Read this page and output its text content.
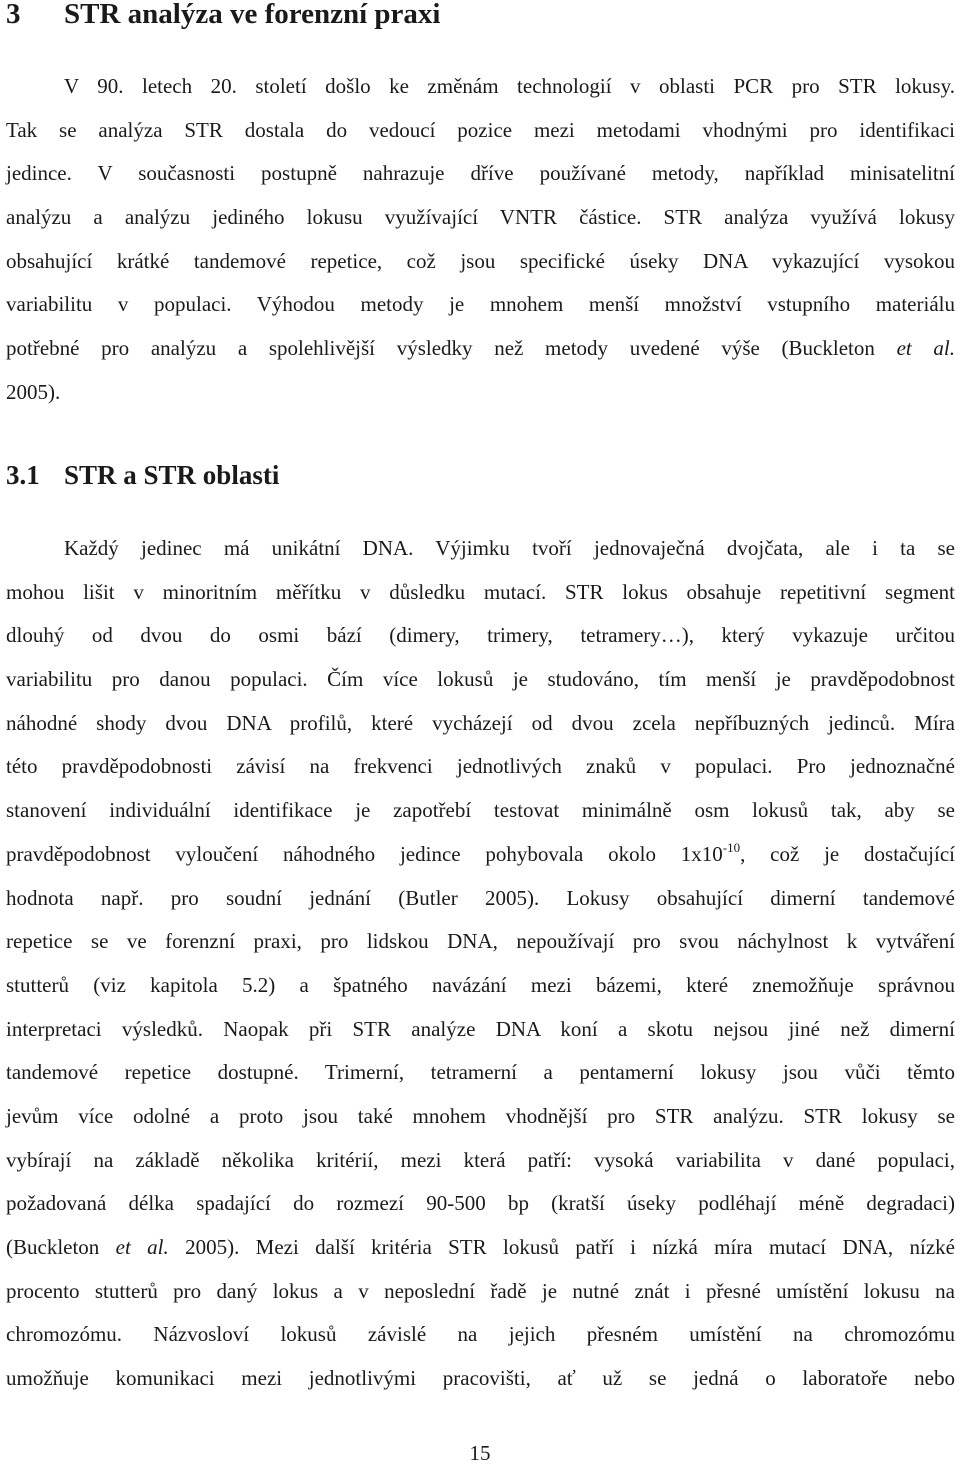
3 STR analýza ve forenzní praxi
V 90. letech 20. století došlo ke změnám technologií v oblasti PCR pro STR lokusy.
Tak se analýza STR dostala do vedoucí pozice mezi metodami vhodnými pro identifikaci
jedince. V současnosti postupně nahrazuje dříve používané metody, například minisatelitní
analýzu a analýzu jediného lokusu využívající VNTR částice. STR analýza využívá lokusy
obsahující krátké tandemové repetice, což jsou specifické úseky DNA vykazující vysokou
variabilitu v populaci. Výhodou metody je mnohem menší množství vstupního materiálu
potřebné pro analýzu a spolehlivější výsledky než metody uvedené výše (Buckleton et al.
2005).
3.1 STR a STR oblasti
Každý jedinec má unikátní DNA. Výjimku tvoří jednovaječná dvojčata, ale i ta se
mohou lišit v minoritním měřítku v důsledku mutací. STR lokus obsahuje repetitivní segment
dlouhý od dvou do osmi bází (dimery, trimery, tetramery…), který vykazuje určitou
variabilitu pro danou populaci. Čím více lokusů je studováno, tím menší je pravděpodobnost
náhodné shody dvou DNA profilů, které vycházejí od dvou zcela nepříbuzných jedinců. Míra
této pravděpodobnosti závisí na frekvenci jednotlivých znaků v populaci. Pro jednoznačné
stanovení individuální identifikace je zapotřebí testovat minimálně osm lokusů tak, aby se
pravděpodobnost vyloučení náhodného jedince pohybovala okolo $1x10^{-10}$, což je dostačující
hodnota např. pro soudní jednání (Butler 2005). Lokusy obsahující dimerní tandemové
repetice se ve forenzní praxi, pro lidskou DNA, nepoužívají pro svou náchylnost k vytváření
stutterů (viz kapitola 5.2) a špatného navázání mezi bázemi, které znemožňuje správnou
interpretaci výsledků. Naopak při STR analýze DNA koní a skotu nejsou jiné než dimerní
tandemové repetice dostupné. Trimerní, tetramerní a pentamerní lokusy jsou vůči těmto
jevům více odolné a proto jsou také mnohem vhodnější pro STR analýzu. STR lokusy se
vybírají na základě několika kritérií, mezi která patří: vysoká variabilita v dané populaci,
požadovaná délka spadající do rozmezí 90-500 bp (kratší úseky podléhají méně degradaci)
(Buckleton et al. 2005). Mezi další kritéria STR lokusů patří i nízká míra mutací DNA, nízké
procento stutterů pro daný lokus a v neposlední řadě je nutné znát i přesné umístění lokusu na
chromozómu. Názvosloví lokusů závislé na jejich přesném umístění na chromozómu
umožňuje komunikaci mezi jednotlivými pracovišti, ať už se jedná o laboratoře nebo
15
